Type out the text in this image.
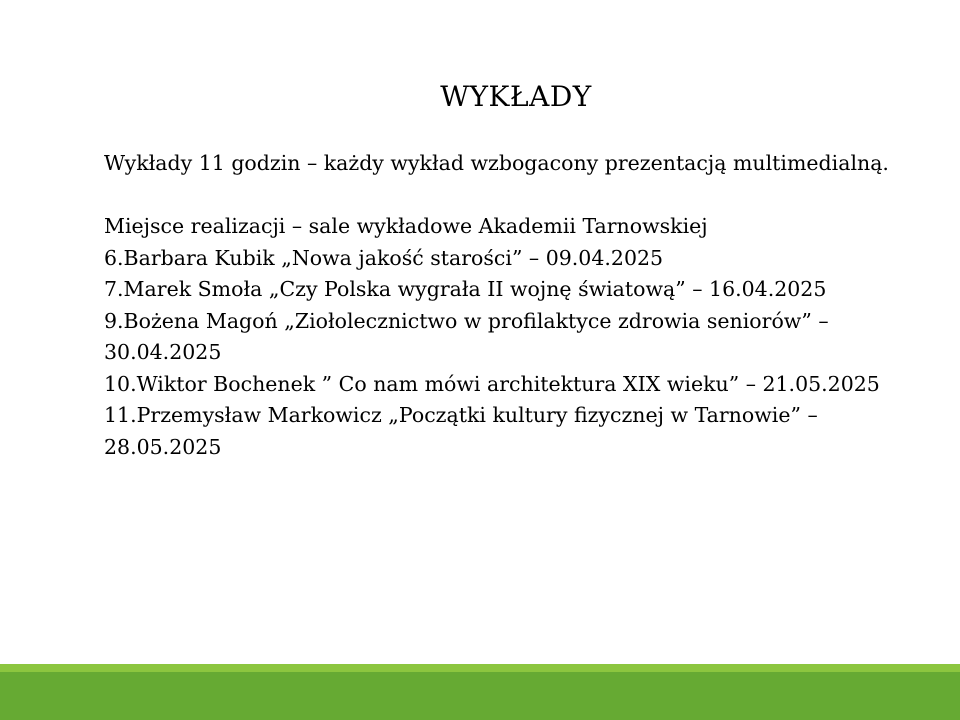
WYKŁADY

Wykłady 11 godzin – każdy wykład wzbogacony prezentacją multimedialną.

Miejsce realizacji – sale wykładowe Akademii Tarnowskiej

6.Barbara Kubik „Nowa jakość starości” – 09.04.2025

7.Marek Smoła „Czy Polska wygrała II wojnę światową” – 16.04.2025

9.Bożena Magoń „Ziołolecznictwo w profilaktyce zdrowia seniorów” – 30.04.2025

10.Wiktor Bochenek ” Co nam mówi architektura XIX wieku” – 21.05.2025

11.Przemysław Markowicz „Początki kultury fizycznej w Tarnowie” – 28.05.2025
